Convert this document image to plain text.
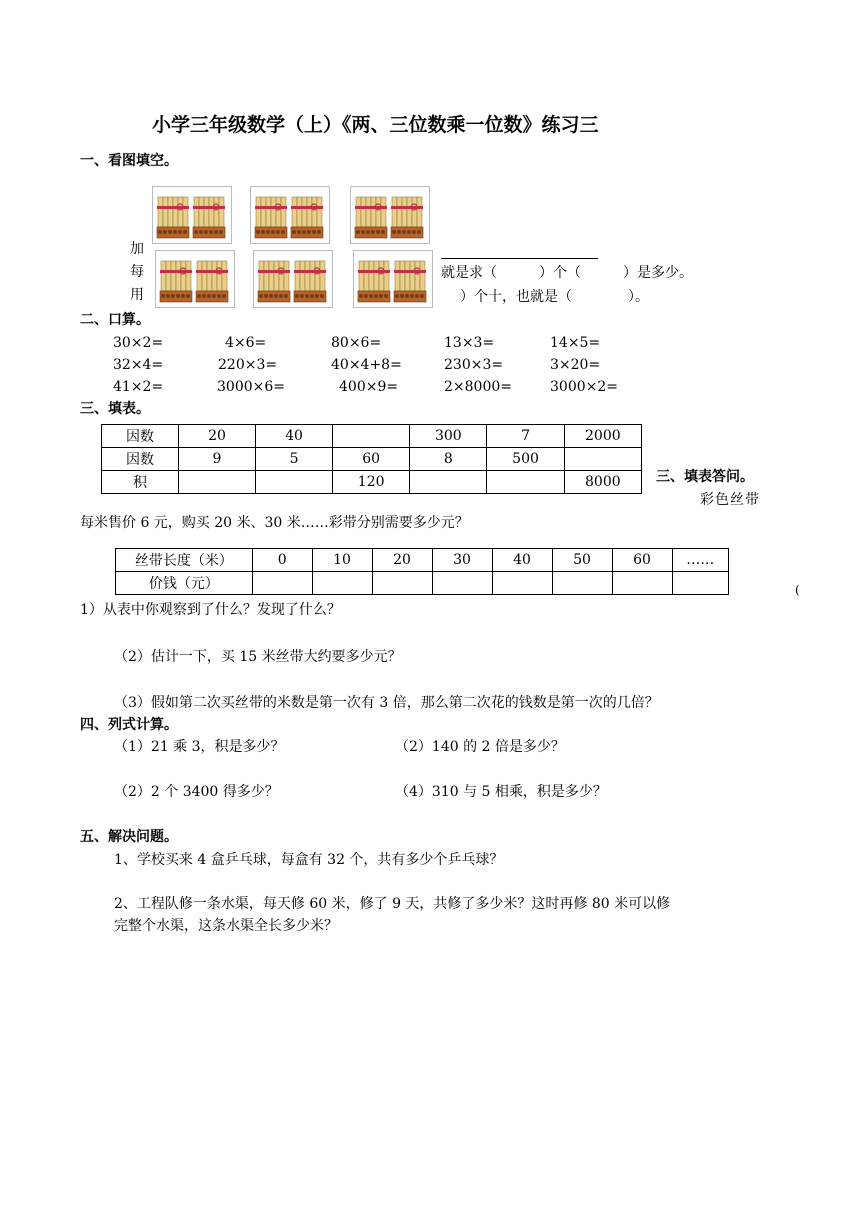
小学三年级数学（上）《两、三位数乘一位数》练习三
一、看图填空。
加
每
用
就是求（　　　）个（　　　）是多少。
）个十，也就是（　　　　）。
二、口算。
30×2=	4×6=	80×6=	13×3=	14×5=
32×4=	220×3=	40×4+8=	230×3=	3×20=
41×2=	3000×6=	400×9=	2×8000=	3000×2=
三、填表。
因数	20	40		300	7	2000
因数	9	5	60	8	500	
积			120			8000	三、填表答问。
彩色丝带
每米售价 6 元，购买 20 米、30 米……彩带分别需要多少元？
丝带长度（米）	0	10	20	30	40	50	60	……
价钱（元）									(
1）从表中你观察到了什么？发现了什么？
（2）估计一下，买 15 米丝带大约要多少元？
（3）假如第二次买丝带的米数是第一次有 3 倍，那么第二次花的钱数是第一次的几倍？
四、列式计算。
（1）21 乘 3，积是多少？	（2）140 的 2 倍是多少？
（2）2 个 3400 得多少？	（4）310 与 5 相乘，积是多少？
五、解决问题。
1、学校买来 4 盒乒乓球，每盒有 32 个，共有多少个乒乓球？
2、工程队修一条水渠，每天修 60 米，修了 9 天，共修了多少米？这时再修 80 米可以修
完整个水渠，这条水渠全长多少米？
